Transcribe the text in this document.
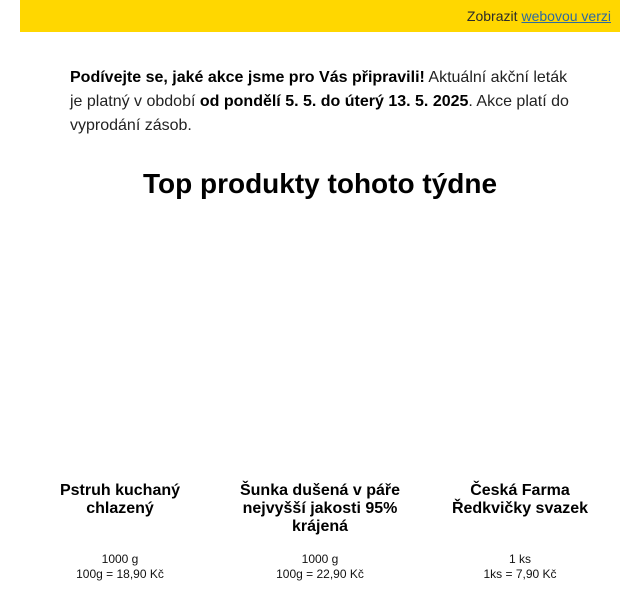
Zobrazit webovou verzi
Podívejte se, jaké akce jsme pro Vás připravili! Aktuální akční leták je platný v období od pondělí 5. 5. do úterý 13. 5. 2025. Akce platí do vyprodání zásob.
Top produkty tohoto týdne
Pstruh kuchaný chlazený
1000 g
100g = 18,90 Kč
Šunka dušená v páře nejvyšší jakosti 95% krájená
1000 g
100g = 22,90 Kč
Česká Farma Ředkvičky svazek
1 ks
1ks = 7,90 Kč
